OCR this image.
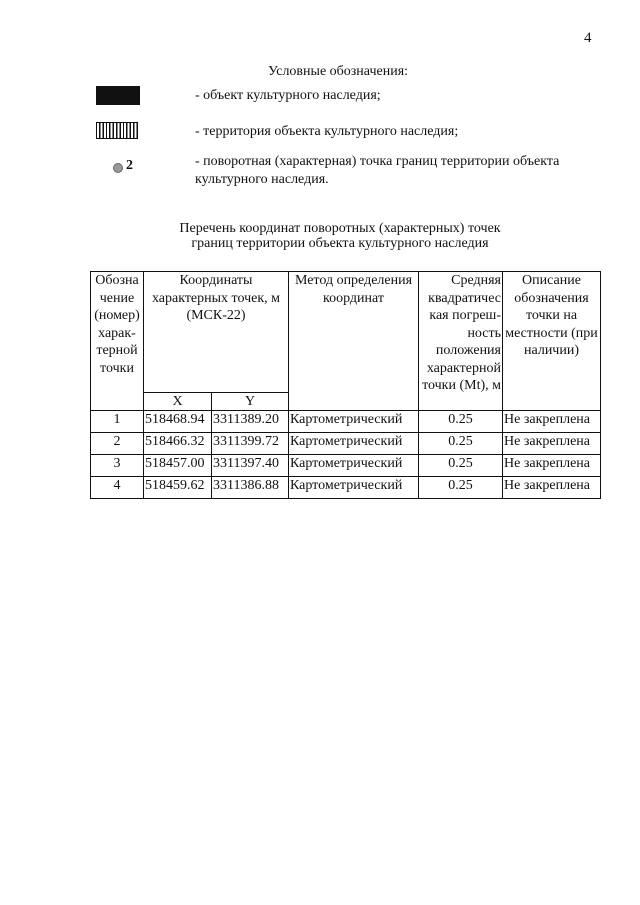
4
Условные обозначения:
- объект культурного наследия;
- территория объекта культурного наследия;
2	- поворотная (характерная) точка границ территории объекта культурного наследия.
Перечень координат поворотных (характерных) точек
границ территории объекта культурного наследия
Обозна чение (номер) харак-терной точки	Координаты характерных точек, м (МСК-22)		Метод определения координат	Средняя квадратичес кая погреш-ность положения характерной точки (Mt), м	Описание обозначения точки на местности (при наличии)
	X	Y			
1	518468.94	3311389.20	Картометрический	0.25	Не закреплена
2	518466.32	3311399.72	Картометрический	0.25	Не закреплена
3	518457.00	3311397.40	Картометрический	0.25	Не закреплена
4	518459.62	3311386.88	Картометрический	0.25	Не закреплена
